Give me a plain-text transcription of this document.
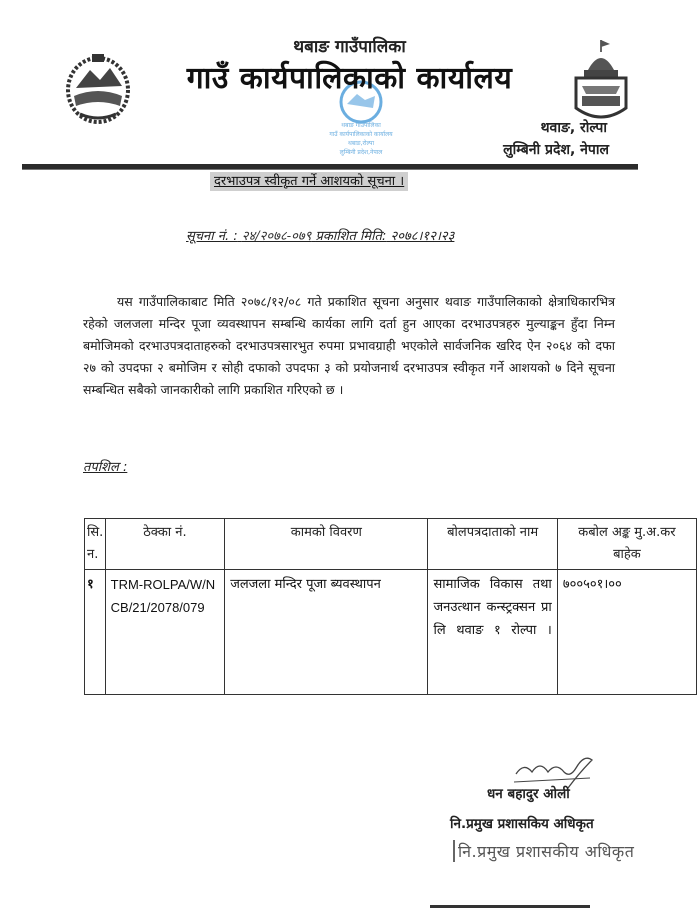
थबाङ गाउँपालिका
गाउँ कार्यपालिकाको कार्यालय
थबाङ,रोल्पा
लुम्बिनी प्रदेश,नेपाल
थबाङ गाउँपालिका
गाउँ कार्यपालिकाको कार्यालय
थवाङ, रोल्पा
लुम्बिनी प्रदेश, नेपाल
दरभाउपत्र स्वीकृत गर्ने आशयको सूचना ।
सूचना नं. : २४/२०७८-०७९ प्रकाशित मिति: २०७८।१२।२३
यस गाउँपालिकाबाट मिति २०७८/१२/०८ गते प्रकाशित सूचना अनुसार थवाङ गाउँपालिकाको क्षेत्राधिकारभित्र रहेको जलजला मन्दिर पूजा व्यवस्थापन सम्बन्धि कार्यका लागि दर्ता हुन आएका दरभाउपत्रहरु मुल्याङ्कन हुँदा निम्न बमोजिमको दरभाउपत्रदाताहरुको दरभाउपत्रसारभुत रुपमा प्रभावग्राही भएकोले सार्वजनिक खरिद ऐन २०६४ को दफा २७ को उपदफा २ बमोजिम र सोही दफाको उपदफा ३ को प्रयोजनार्थ दरभाउपत्र स्वीकृत गर्ने आशयको ७ दिने सूचना सम्बन्धित सबैको जानकारीको लागि प्रकाशित गरिएको छ ।
तपशिल :
सि. न.	ठेक्का नं.	कामको विवरण	बोलपत्रदाताको नाम	कबोल अङ्क मु.अ.कर बाहेक
१	TRM-ROLPA/W/NCB/21/2078/079	जलजला मन्दिर पूजा ब्यवस्थापन	सामाजिक विकास तथा जनउत्थान कन्स्ट्रक्सन प्रा लि थवाङ १ रोल्पा ।	७००५०१।००
धन बहादुर ओली
नि.प्रमुख प्रशासकिय अधिकृत
नि.प्रमुख प्रशासकीय अधिकृत
